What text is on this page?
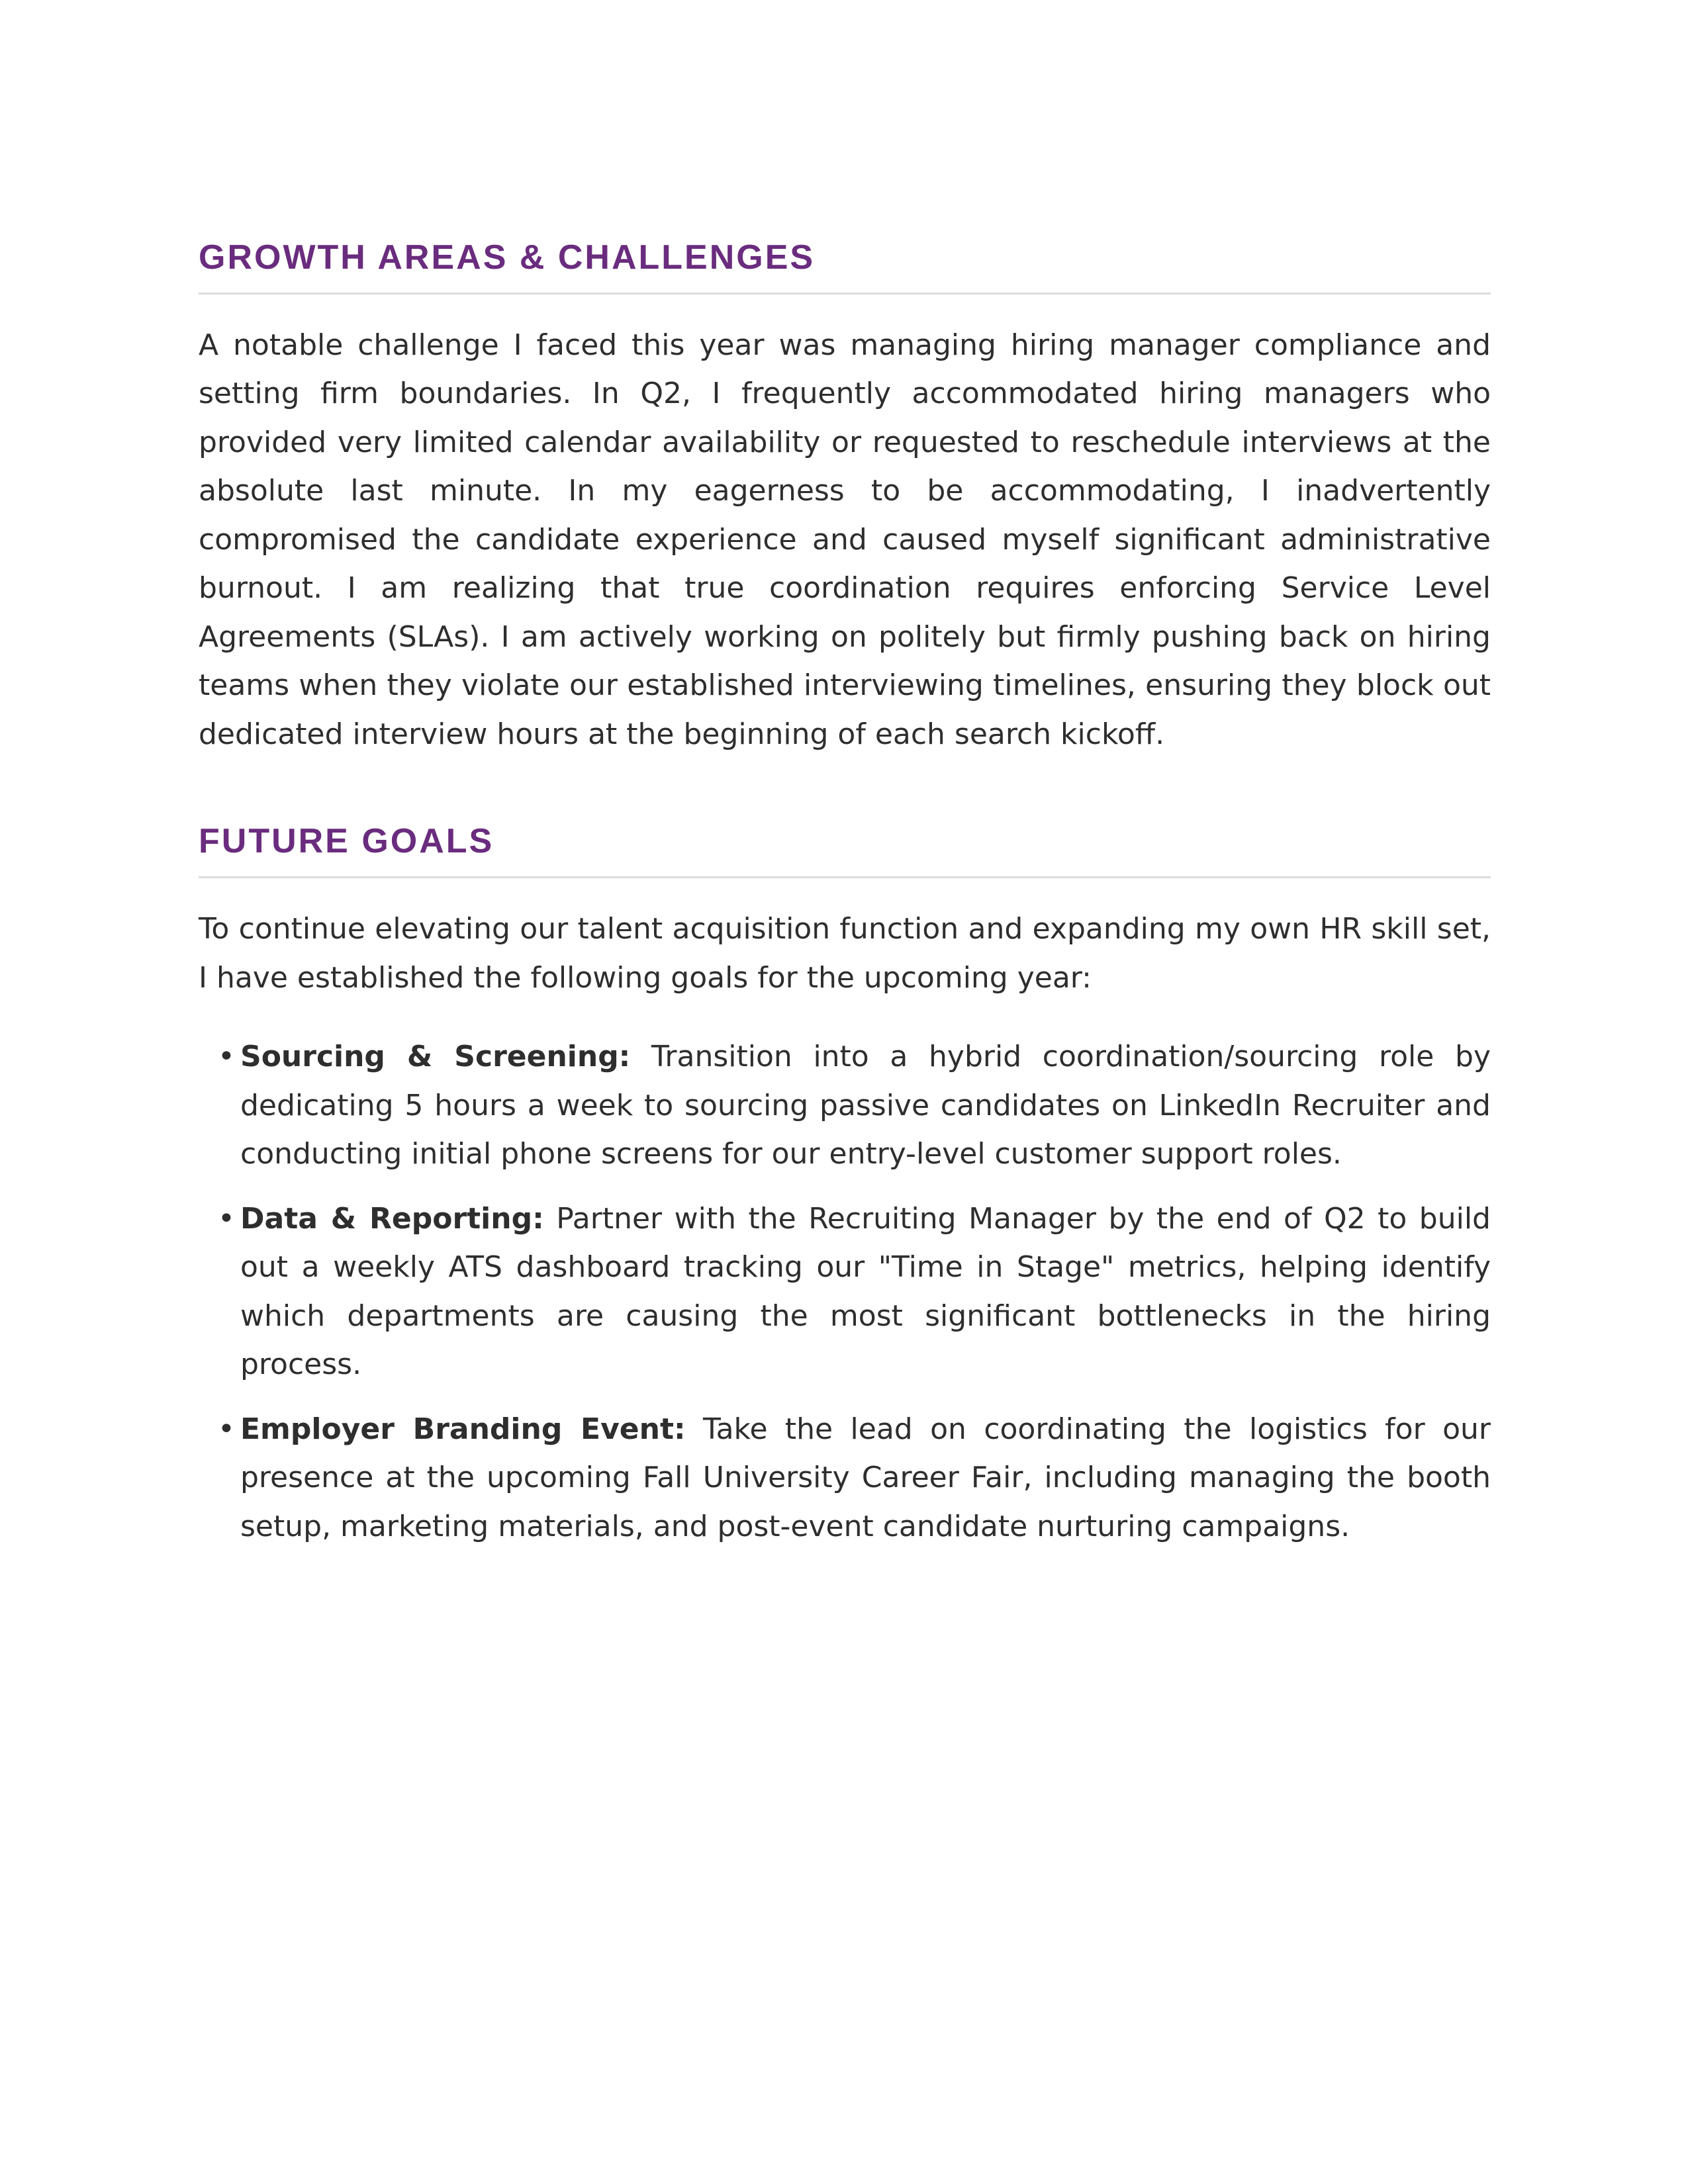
GROWTH AREAS & CHALLENGES

A notable challenge I faced this year was managing hiring manager compliance and setting firm boundaries. In Q2, I frequently accommodated hiring managers who provided very limited calendar availability or requested to reschedule interviews at the absolute last minute. In my eagerness to be accommodating, I inadvertently compromised the candidate experience and caused myself significant administrative burnout. I am realizing that true coordination requires enforcing Service Level Agreements (SLAs). I am actively working on politely but firmly pushing back on hiring teams when they violate our established interviewing timelines, ensuring they block out dedicated interview hours at the beginning of each search kickoff.

FUTURE GOALS

To continue elevating our talent acquisition function and expanding my own HR skill set, I have established the following goals for the upcoming year:

• Sourcing & Screening: Transition into a hybrid coordination/sourcing role by dedicating 5 hours a week to sourcing passive candidates on LinkedIn Recruiter and conducting initial phone screens for our entry-level customer support roles.
• Data & Reporting: Partner with the Recruiting Manager by the end of Q2 to build out a weekly ATS dashboard tracking our "Time in Stage" metrics, helping identify which departments are causing the most significant bottlenecks in the hiring process.
• Employer Branding Event: Take the lead on coordinating the logistics for our presence at the upcoming Fall University Career Fair, including managing the booth setup, marketing materials, and post-event candidate nurturing campaigns.
